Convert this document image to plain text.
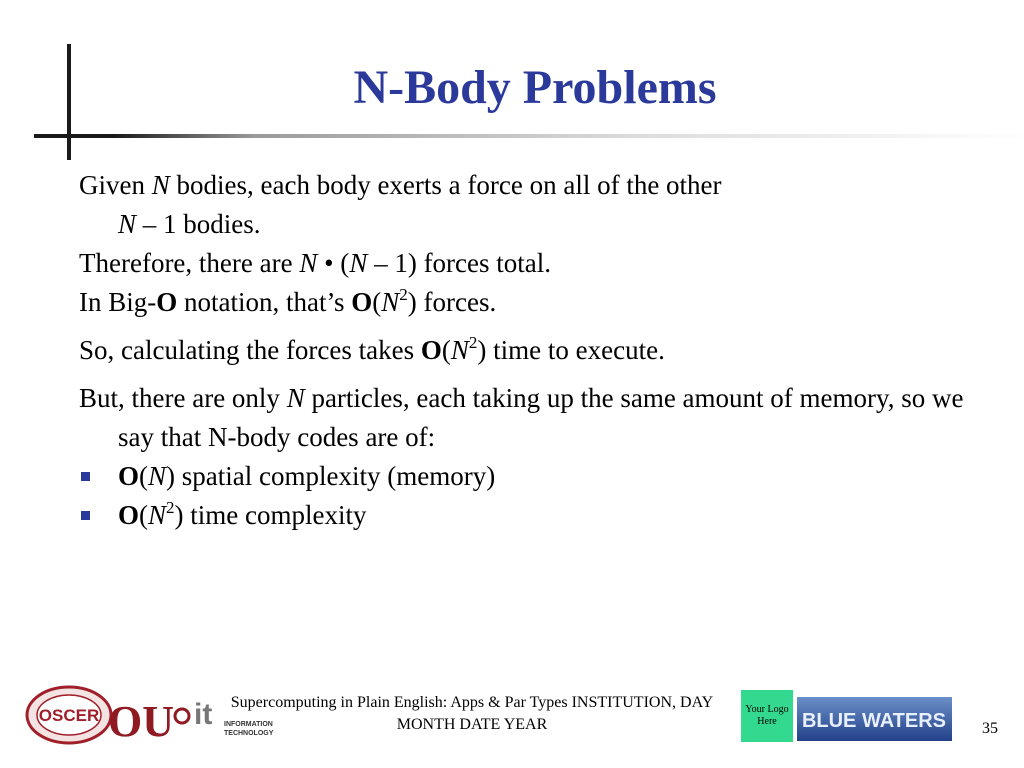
N-Body Problems

Given N bodies, each body exerts a force on all of the other
N – 1 bodies.

Therefore, there are N • (N – 1) forces total.

In Big-O notation, that’s $O(N^2)$ forces.

So, calculating the forces takes $O(N^2)$ time to execute.

But, there are only N particles, each taking up the same amount of memory, so we say that N-body codes are of:

O(N) spatial complexity (memory)

$O(N^2)$ time complexity

OSCER OU it INFORMATION
TECHNOLOGY
Supercomputing in Plain English: Apps & Par Types INSTITUTION, DAY
MONTH DATE YEAR
Your Logo Here	BLUE WATERS	35
